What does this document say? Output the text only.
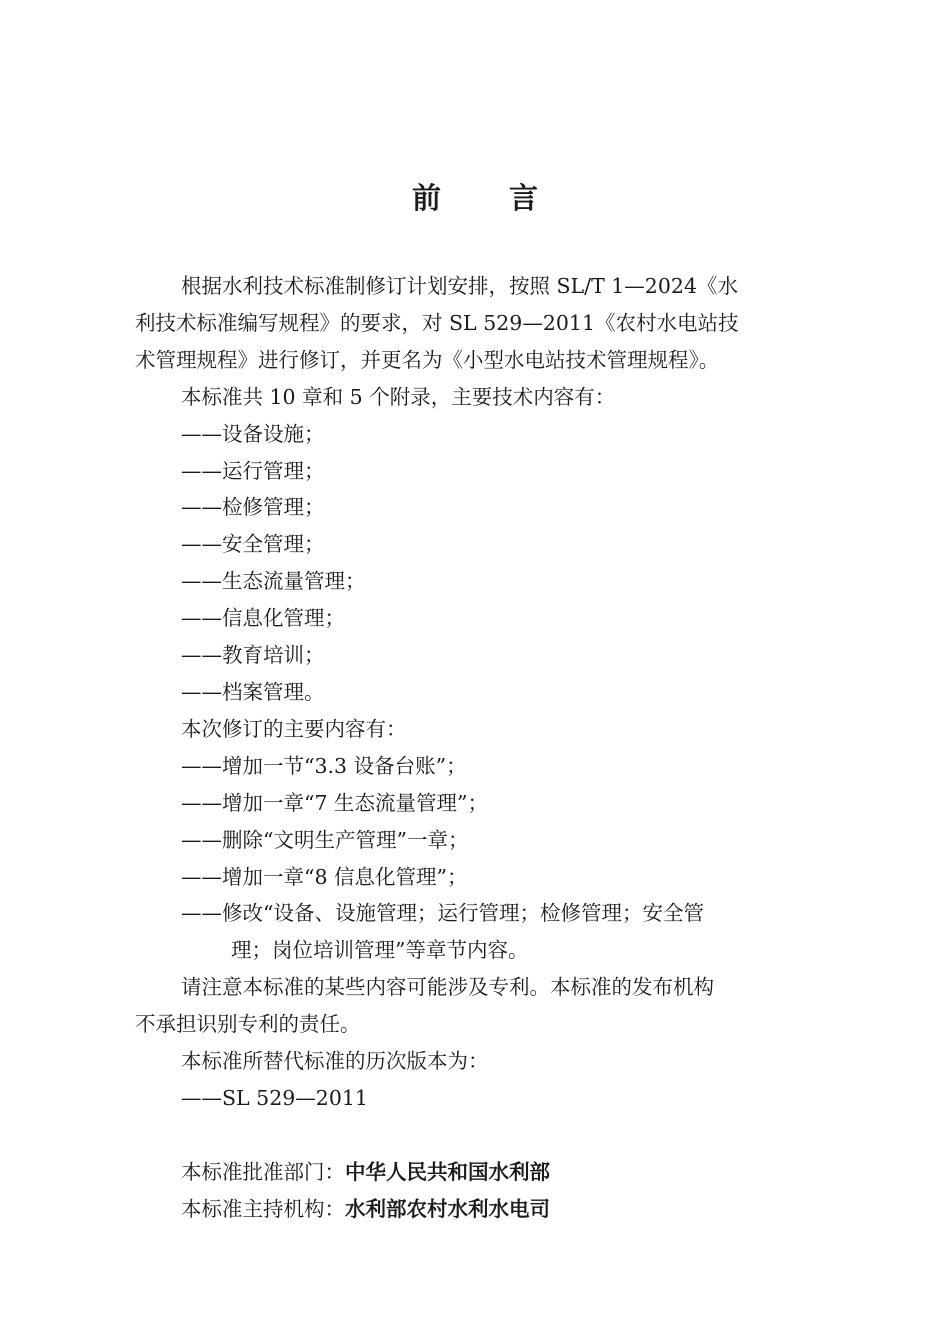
前 言

根据水利技术标准制修订计划安排，按照 SL/T 1—2024《水

利技术标准编写规程》的要求，对 SL 529—2011《农村水电站技

术管理规程》进行修订，并更名为《小型水电站技术管理规程》。

本标准共 10 章和 5 个附录，主要技术内容有：

——设备设施；

——运行管理；

——检修管理；

——安全管理；

——生态流量管理；

——信息化管理；

——教育培训；

——档案管理。

本次修订的主要内容有：

——增加一节“3.3 设备台账”；

——增加一章“7 生态流量管理”；

——删除“文明生产管理”一章；

——增加一章“8 信息化管理”；

——修改“设备、设施管理；运行管理；检修管理；安全管

理；岗位培训管理”等章节内容。

请注意本标准的某些内容可能涉及专利。本标准的发布机构

不承担识别专利的责任。

本标准所替代标准的历次版本为：

——SL 529—2011

本标准批准部门：中华人民共和国水利部

本标准主持机构：水利部农村水利水电司
